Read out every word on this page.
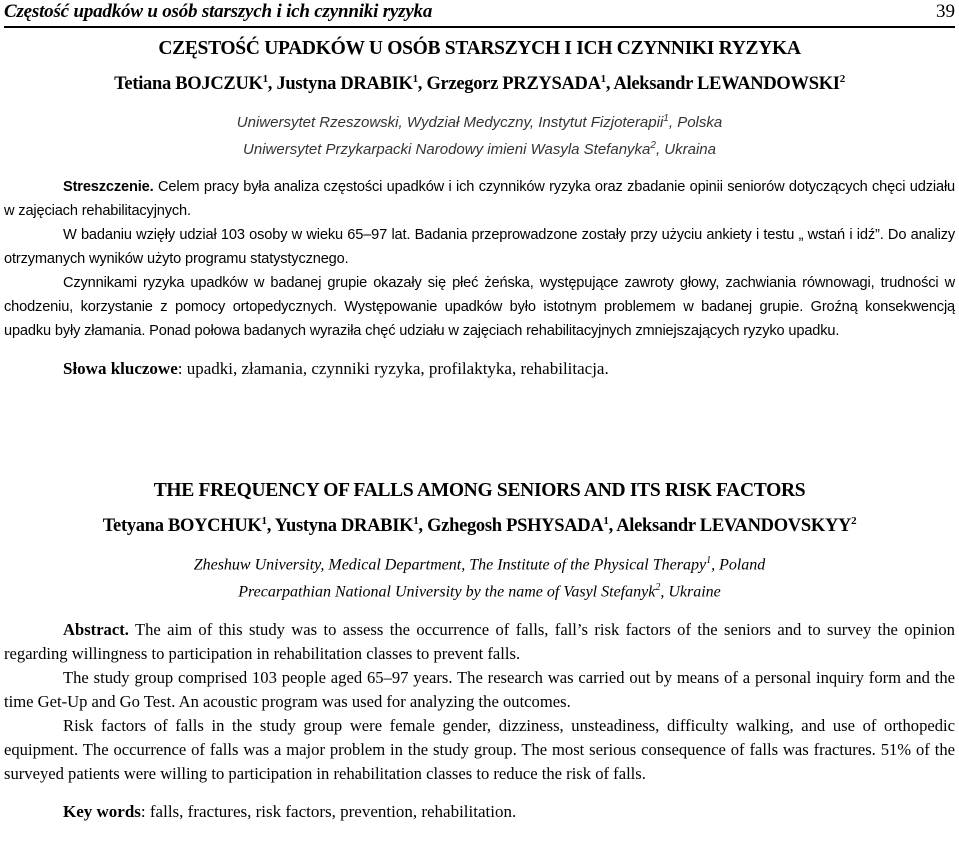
Częstość upadków u osób starszych i ich czynniki ryzyka	39

CZĘSTOŚĆ UPADKÓW U OSÓB STARSZYCH I ICH CZYNNIKI RYZYKA

Tetiana BOJCZUK$^1$, Justyna DRABIK$^1$, Grzegorz PRZYSADA$^1$, Aleksandr LEWANDOWSKI$^2$

Uniwersytet Rzeszowski, Wydział Medyczny, Instytut Fizjoterapii$^1$, Polska

Uniwersytet Przykarpacki Narodowy imieni Wasyla Stefanyka$^2$, Ukraina

Streszczenie. Celem pracy była analiza częstości upadków i ich czynników ryzyka oraz zbadanie opinii seniorów dotyczących chęci udziału w zajęciach rehabilitacyjnych.

W badaniu wzięły udział 103 osoby w wieku 65–97 lat. Badania przeprowadzone zostały przy użyciu ankiety i testu „ wstań i idź”. Do analizy otrzymanych wyników użyto programu statystycznego.

Czynnikami ryzyka upadków w badanej grupie okazały się płeć żeńska, występujące zawroty głowy, zachwiania równowagi, trudności w chodzeniu, korzystanie z pomocy ortopedycznych. Występowanie upadków było istotnym problemem w badanej grupie. Groźną konsekwencją upadku były złamania. Ponad połowa badanych wyraziła chęć udziału w zajęciach rehabilitacyjnych zmniejszających ryzyko upadku.

Słowa kluczowe: upadki, złamania, czynniki ryzyka, profilaktyka, rehabilitacja.

THE FREQUENCY OF FALLS AMONG SENIORS AND ITS RISK FACTORS

Tetyana BOYCHUK$^1$, Yustyna DRABIK$^1$, Gzhegosh PSHYSADA$^1$, Aleksandr LEVANDOVSKYY$^2$

Zheshuw University, Medical Department, The Institute of the Physical Therapy$^1$, Poland

Precarpathian National University by the name of Vasyl Stefanyk$^2$, Ukraine

Abstract. The aim of this study was to assess the occurrence of falls, fall’s risk factors of the seniors and to survey the opinion regarding willingness to participation in rehabilitation classes to prevent falls.

The study group comprised 103 people aged 65–97 years. The research was carried out by means of a personal inquiry form and the time Get-Up and Go Test. An acoustic program was used for analyzing the outcomes.

Risk factors of falls in the study group were female gender, dizziness, unsteadiness, difficulty walking, and use of orthopedic equipment. The occurrence of falls was a major problem in the study group. The most serious consequence of falls was fractures. 51% of the surveyed patients were willing to participation in rehabilitation classes to reduce the risk of falls.

Key words: falls, fractures, risk factors, prevention, rehabilitation.
